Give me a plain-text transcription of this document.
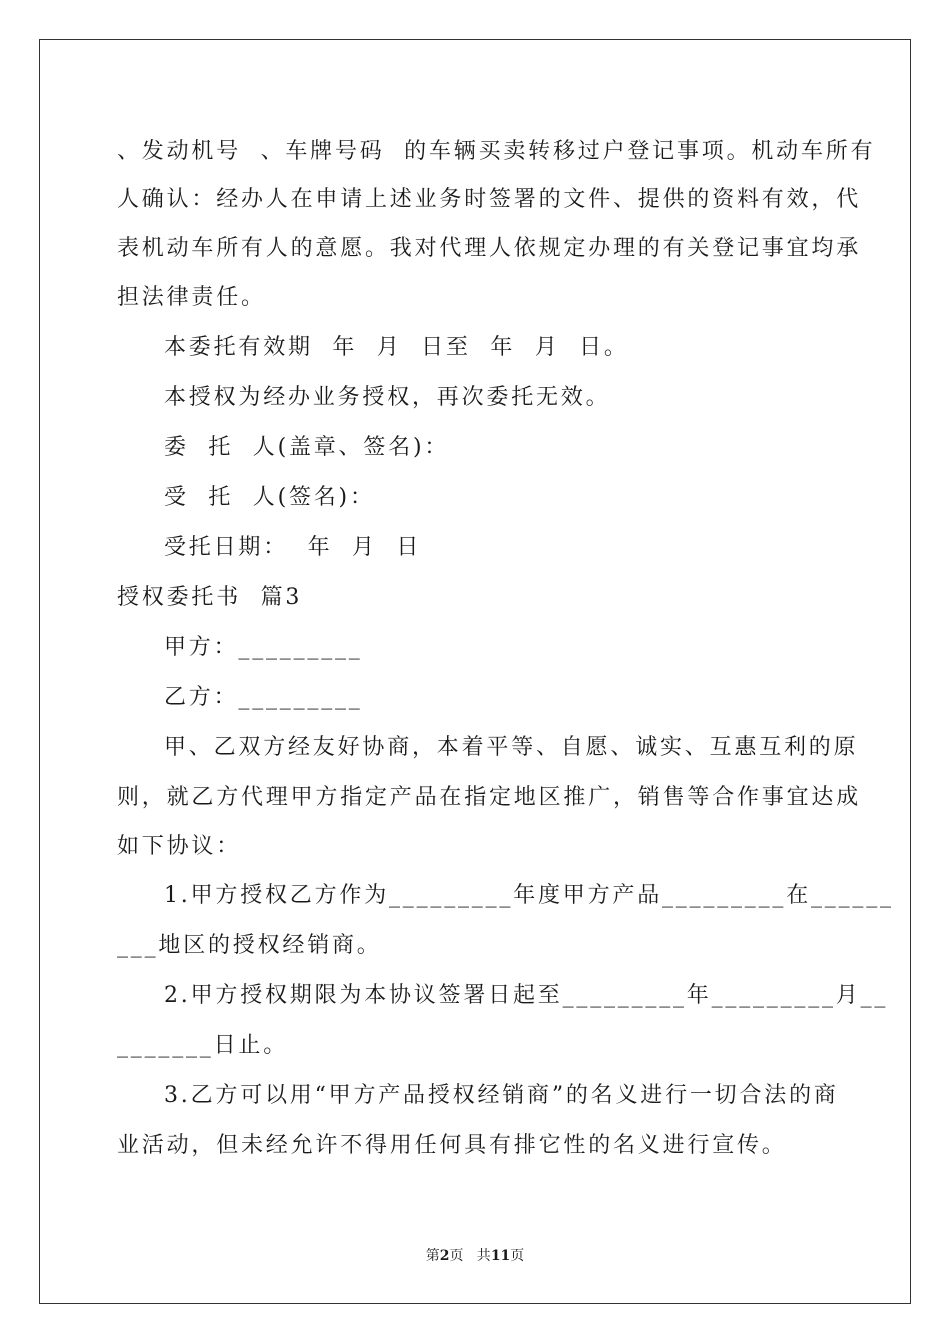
、发动机号  、车牌号码  的车辆买卖转移过户登记事项。机动车所有
人确认：经办人在申请上述业务时签署的文件、提供的资料有效，代
表机动车所有人的意愿。我对代理人依规定办理的有关登记事宜均承
担法律责任。
本委托有效期  年  月  日至  年  月  日。
本授权为经办业务授权，再次委托无效。
委  托  人(盖章、签名)：
受  托  人(签名)：
受托日期：  年  月  日
授权委托书  篇3
甲方：_________
乙方：_________
甲、乙双方经友好协商，本着平等、自愿、诚实、互惠互利的原
则，就乙方代理甲方指定产品在指定地区推广，销售等合作事宜达成
如下协议：
1.甲方授权乙方作为_________年度甲方产品_________在______
___地区的授权经销商。
2.甲方授权期限为本协议签署日起至_________年_________月__
_______日止。
3.乙方可以用“甲方产品授权经销商”的名义进行一切合法的商
业活动，但未经允许不得用任何具有排它性的名义进行宣传。
第2页   共11页
